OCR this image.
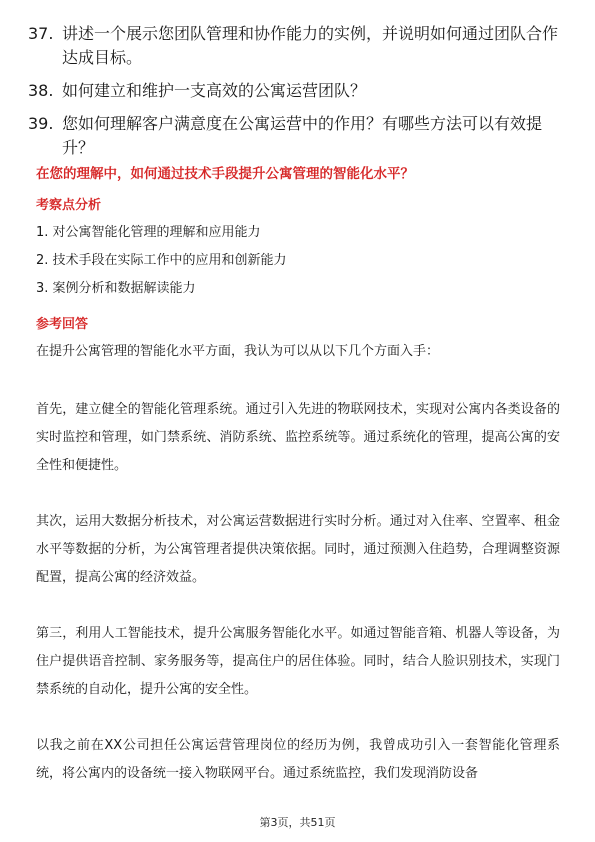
37. 讲述一个展示您团队管理和协作能力的实例，并说明如何通过团队合作达成目标。
38. 如何建立和维护一支高效的公寓运营团队？
39. 您如何理解客户满意度在公寓运营中的作用？有哪些方法可以有效提升？
在您的理解中，如何通过技术手段提升公寓管理的智能化水平？
考察点分析
1. 对公寓智能化管理的理解和应用能力
2. 技术手段在实际工作中的应用和创新能力
3. 案例分析和数据解读能力
参考回答
在提升公寓管理的智能化水平方面，我认为可以从以下几个方面入手：
首先，建立健全的智能化管理系统。通过引入先进的物联网技术，实现对公寓内各类设备的实时监控和管理，如门禁系统、消防系统、监控系统等。通过系统化的管理，提高公寓的安全性和便捷性。
其次，运用大数据分析技术，对公寓运营数据进行实时分析。通过对入住率、空置率、租金水平等数据的分析，为公寓管理者提供决策依据。同时，通过预测入住趋势，合理调整资源配置，提高公寓的经济效益。
第三，利用人工智能技术，提升公寓服务智能化水平。如通过智能音箱、机器人等设备，为住户提供语音控制、家务服务等，提高住户的居住体验。同时，结合人脸识别技术，实现门禁系统的自动化，提升公寓的安全性。
以我之前在XX公司担任公寓运营管理岗位的经历为例，我曾成功引入一套智能化管理系统，将公寓内的设备统一接入物联网平台。通过系统监控，我们发现消防设备
第3页，共51页
